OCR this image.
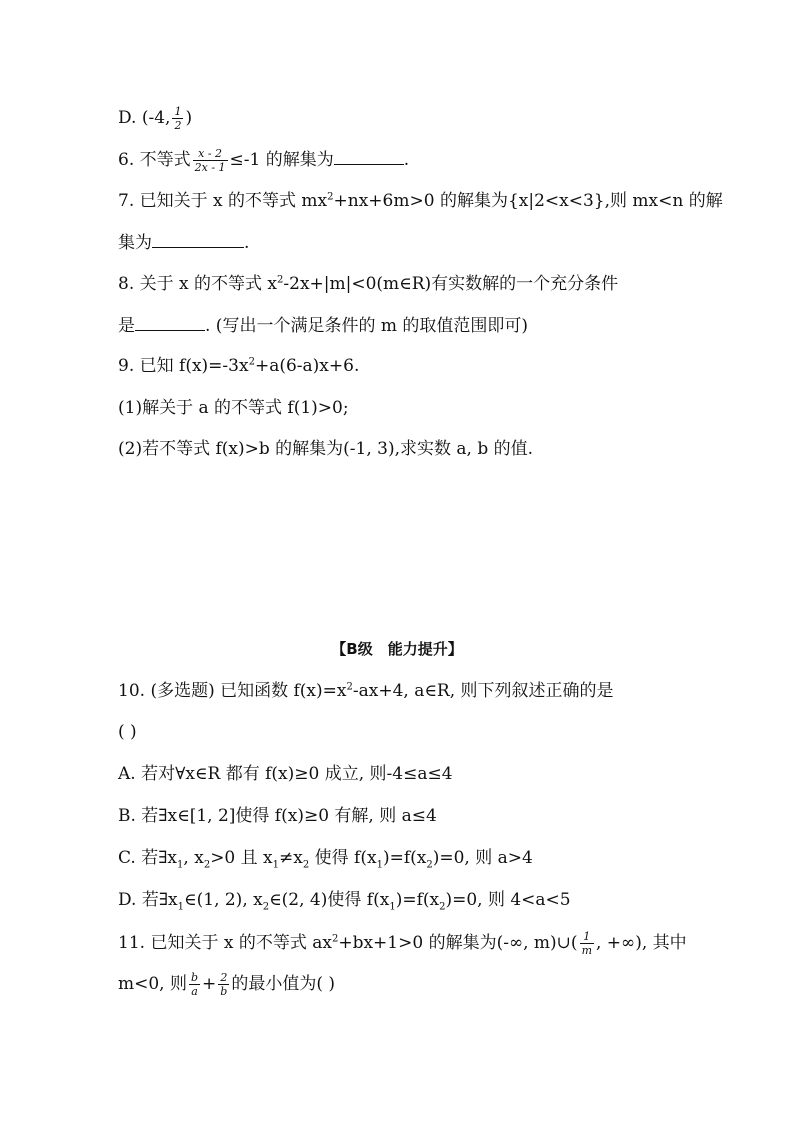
D. (-4, $\frac{1}{2}$ )
6. 不等式 $\frac{x - 2}{2x - 1} \le-1$ 的解集为	.
7. 已知关于 x 的不等式 $mx^2+nx+6m>0$ 的解集为{x|2<x<3},则 mx<n 的解
集为	.
8. 关于 x 的不等式 $x^2-2x+|m|<0(m\in R)$有实数解的一个充分条件
是	. (写出一个满足条件的 m 的取值范围即可)
9. 已知 $f(x)=-3x^2+a(6-a)x+6$.
(1)解关于 a 的不等式 f(1)>0;
(2)若不等式 f(x)>b 的解集为(-1, 3),求实数 a, b 的值.
【B级　能力提升】
10. (多选题) 已知函数 $f(x)=x^2-ax+4$, a∈R, 则下列叙述正确的是
( )
A. 若对∀x∈R 都有 f(x)≥0 成立, 则-4≤a≤4
B. 若∃x∈[1, 2]使得 f(x)≥0 有解, 则 a≤4
C. 若$\exists x_1$, $x_2>0$ 且 $x_1\ne x_2$ 使得 $f(x_1)=f(x_2)=0$, 则 a>4
D. 若$\exists x_1\in(1$, 2), $x_2\in(2$, 4)使得 $f(x_1)=f(x_2)=0$, 则 4<a<5
11. 已知关于 x 的不等式 $ax^2+bx+1>0$ 的解集为(-∞, m)∪( $\frac{1}{m}$ , +∞), 其中
m<0, 则 $\frac{b}{a} + \frac{2}{b}$ 的最小值为( )
